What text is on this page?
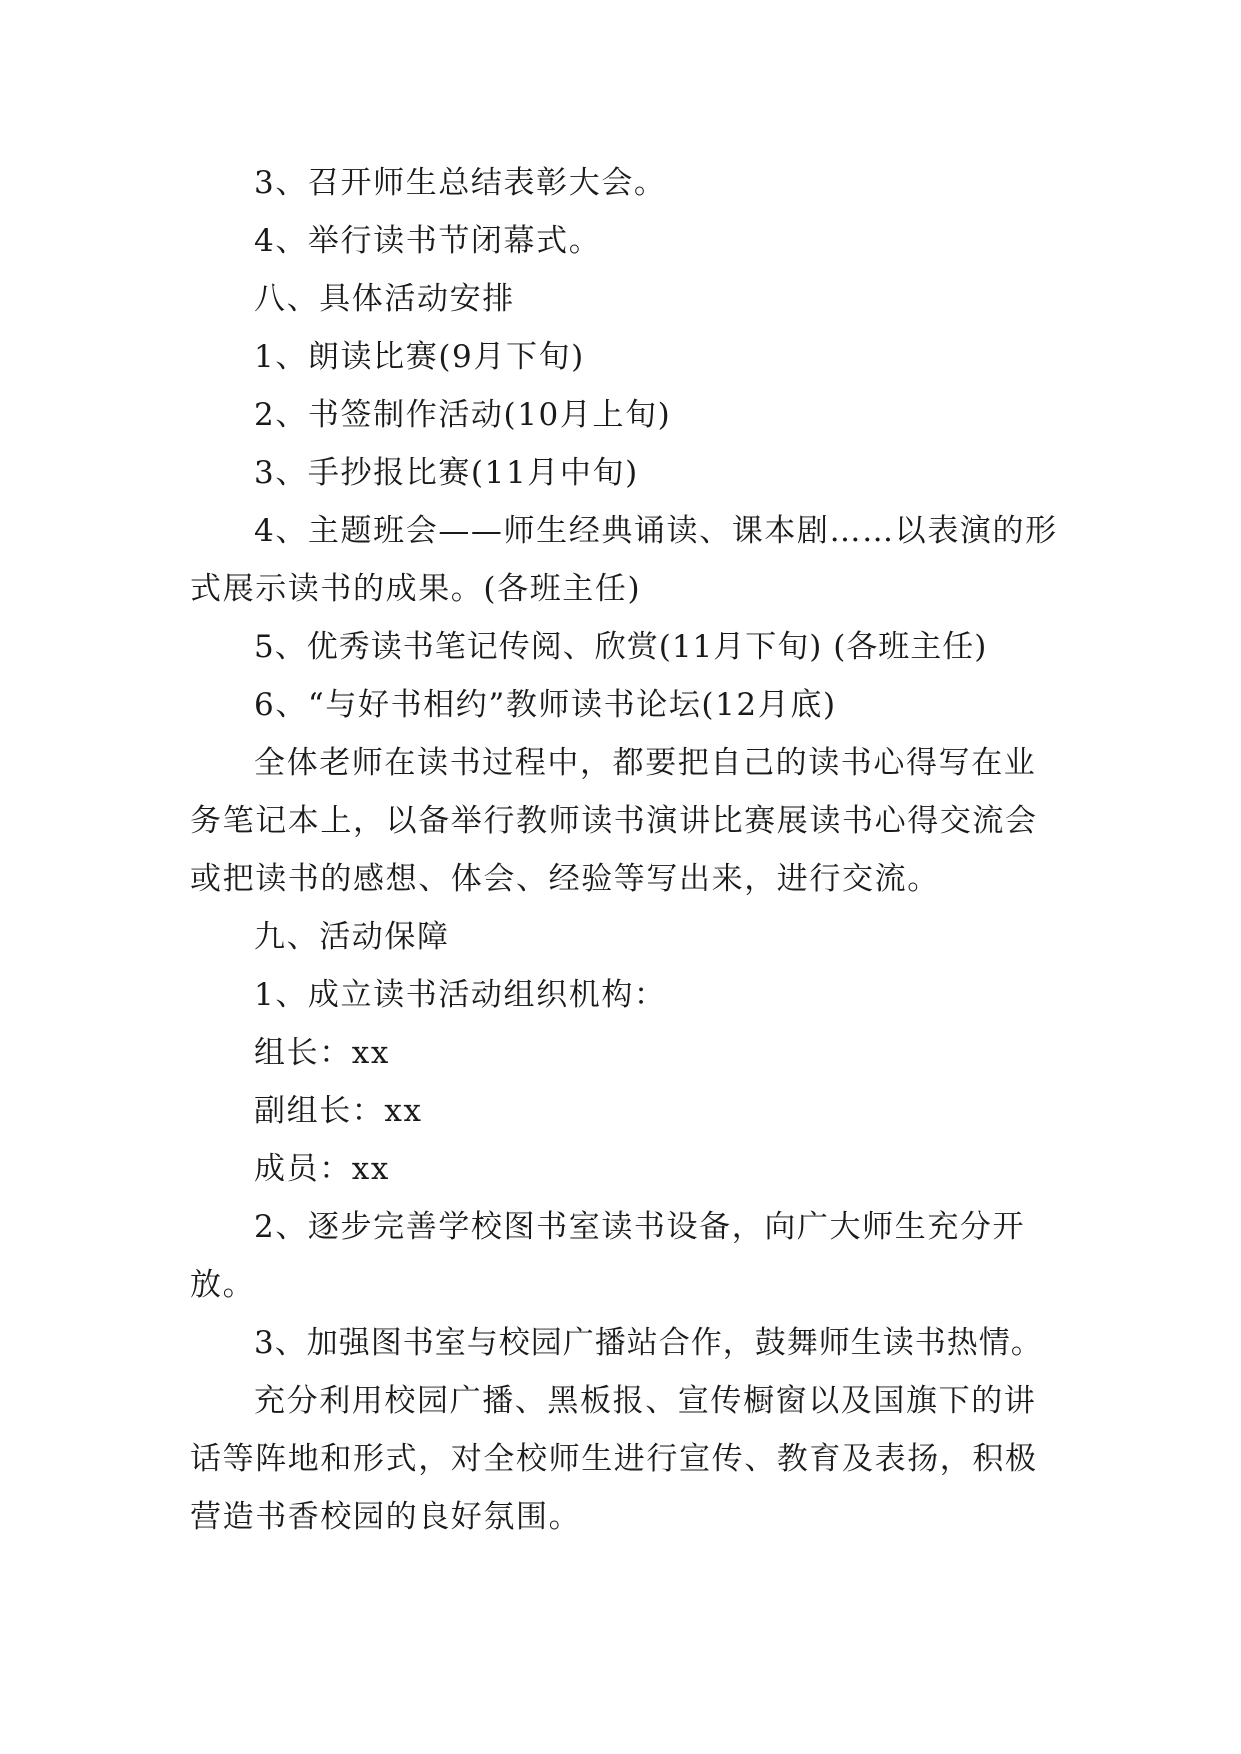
3、召开师生总结表彰大会。

4、举行读书节闭幕式。

八、具体活动安排

1、朗读比赛(9月下旬)

2、书签制作活动(10月上旬)

3、手抄报比赛(11月中旬)

4、主题班会——师生经典诵读、课本剧……以表演的形式展示读书的成果。(各班主任)

5、优秀读书笔记传阅、欣赏(11月下旬) (各班主任)

6、“与好书相约”教师读书论坛(12月底)

全体老师在读书过程中，都要把自己的读书心得写在业务笔记本上，以备举行教师读书演讲比赛展读书心得交流会或把读书的感想、体会、经验等写出来，进行交流。

九、活动保障

1、成立读书活动组织机构：

组长：xx

副组长：xx

成员：xx

2、逐步完善学校图书室读书设备，向广大师生充分开放。

3、加强图书室与校园广播站合作，鼓舞师生读书热情。

充分利用校园广播、黑板报、宣传橱窗以及国旗下的讲话等阵地和形式，对全校师生进行宣传、教育及表扬，积极营造书香校园的良好氛围。
